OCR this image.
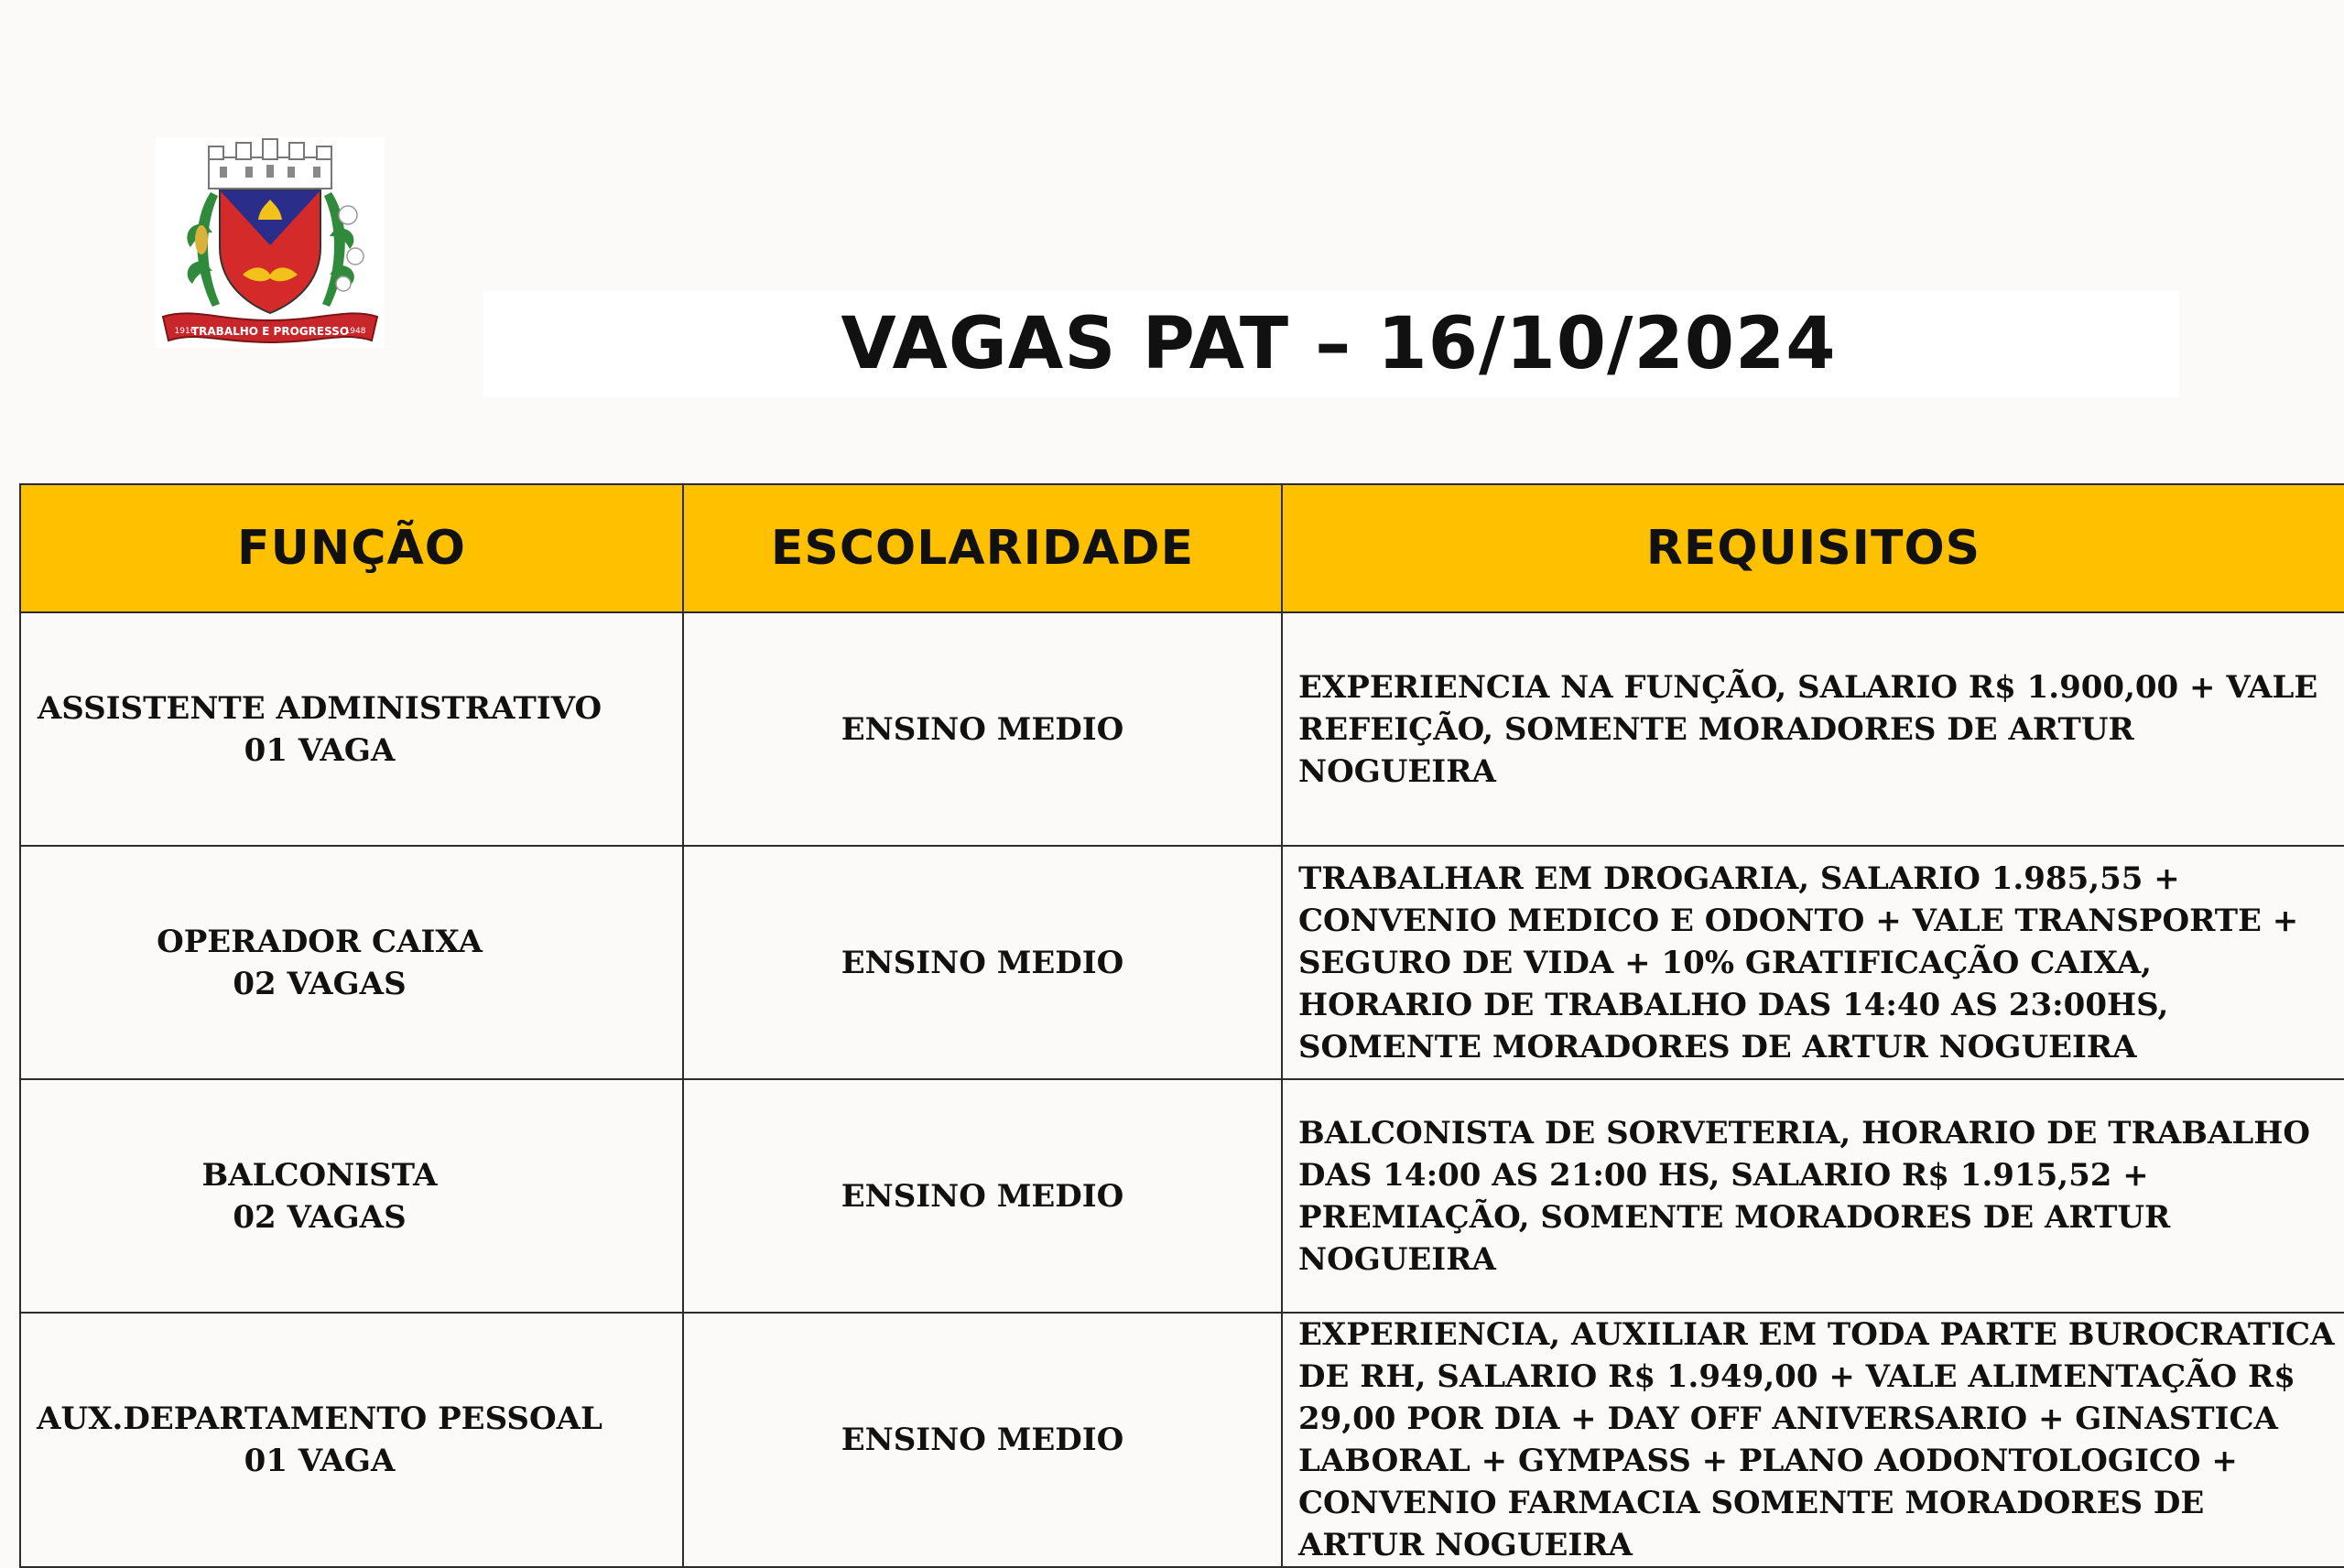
TRABALHO E PROGRESSO
1916	1948	VAGAS PAT – 16/10/2024
FUNÇÃO	ESCOLARIDADE	REQUISITOS

ASSISTENTE ADMINISTRATIVO
01 VAGA	ENSINO MEDIO	EXPERIENCIA NA FUNÇÃO, SALARIO R$ 1.900,00 + VALE REFEIÇÃO, SOMENTE MORADORES DE ARTUR NOGUEIRA

OPERADOR CAIXA
02 VAGAS	ENSINO MEDIO	TRABALHAR EM DROGARIA, SALARIO 1.985,55 + CONVENIO MEDICO E ODONTO + VALE TRANSPORTE + SEGURO DE VIDA + 10% GRATIFICAÇÃO CAIXA, HORARIO DE TRABALHO DAS 14:40 AS 23:00HS, SOMENTE MORADORES DE ARTUR NOGUEIRA

BALCONISTA
02 VAGAS	ENSINO MEDIO	BALCONISTA DE SORVETERIA, HORARIO DE TRABALHO DAS 14:00 AS 21:00 HS, SALARIO R$ 1.915,52 + PREMIAÇÃO, SOMENTE MORADORES DE ARTUR NOGUEIRA

AUX.DEPARTAMENTO PESSOAL
01 VAGA	ENSINO MEDIO	EXPERIENCIA, AUXILIAR EM TODA PARTE BUROCRATICA DE RH, SALARIO R$ 1.949,00 + VALE ALIMENTAÇÃO R$ 29,00 POR DIA + DAY OFF ANIVERSARIO + GINASTICA LABORAL + GYMPASS + PLANO AODONTOLOGICO + CONVENIO FARMACIA SOMENTE MORADORES DE ARTUR NOGUEIRA
